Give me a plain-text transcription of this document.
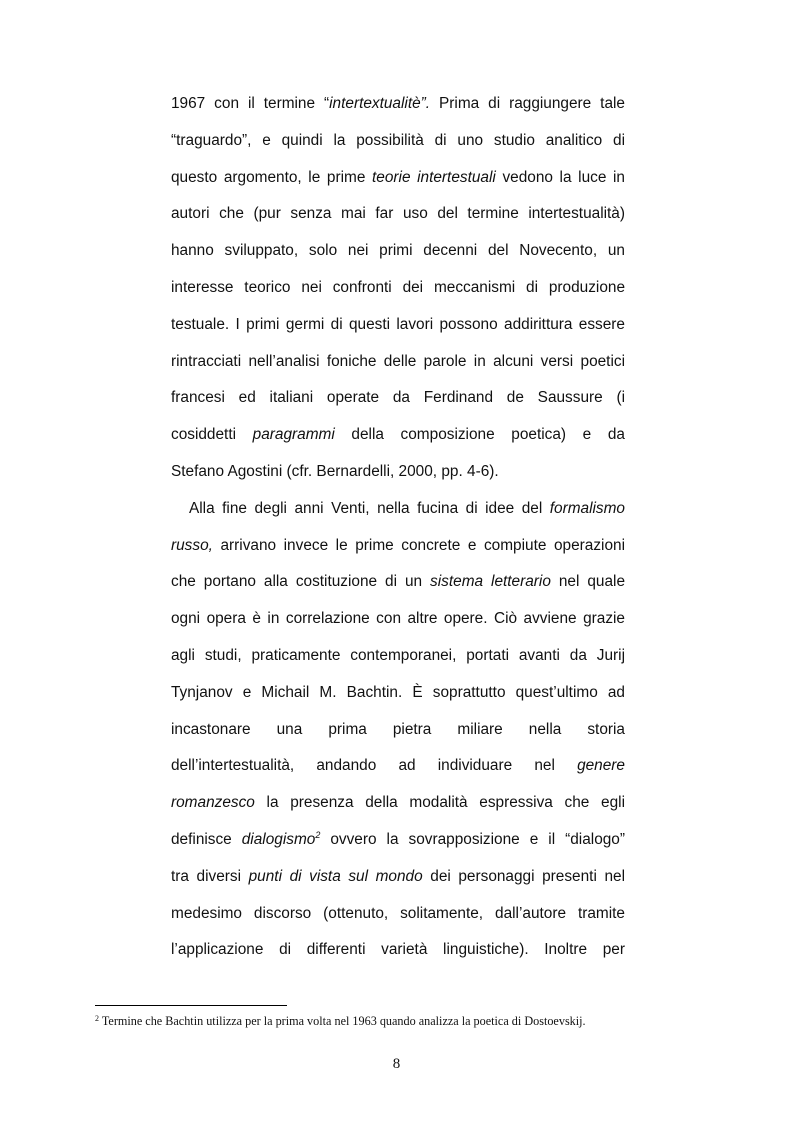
1967 con il termine “intertextualitè”. Prima di raggiungere tale
“traguardo”, e quindi la possibilità di uno studio analitico di
questo argomento, le prime teorie intertestuali vedono la luce in
autori che (pur senza mai far uso del termine intertestualità)
hanno sviluppato, solo nei primi decenni del Novecento, un
interesse teorico nei confronti dei meccanismi di produzione
testuale. I primi germi di questi lavori possono addirittura essere
rintracciati nell’analisi foniche delle parole in alcuni versi poetici
francesi ed italiani operate da Ferdinand de Saussure (i
cosiddetti paragrammi della composizione poetica) e da
Stefano Agostini (cfr. Bernardelli, 2000, pp. 4-6).
Alla fine degli anni Venti, nella fucina di idee del formalismo
russo, arrivano invece le prime concrete e compiute operazioni
che portano alla costituzione di un sistema letterario nel quale
ogni opera è in correlazione con altre opere. Ciò avviene grazie
agli studi, praticamente contemporanei, portati avanti da Jurij
Tynjanov e Michail M. Bachtin. È soprattutto quest’ultimo ad
incastonare una prima pietra miliare nella storia
dell’intertestualità, andando ad individuare nel genere
romanzesco la presenza della modalità espressiva che egli
definisce dialogismo$^2$ ovvero la sovrapposizione e il “dialogo”
tra diversi punti di vista sul mondo dei personaggi presenti nel
medesimo discorso (ottenuto, solitamente, dall’autore tramite
l’applicazione di differenti varietà linguistiche). Inoltre per
$^2$ Termine che Bachtin utilizza per la prima volta nel 1963 quando analizza la poetica di Dostoevskij.
8
